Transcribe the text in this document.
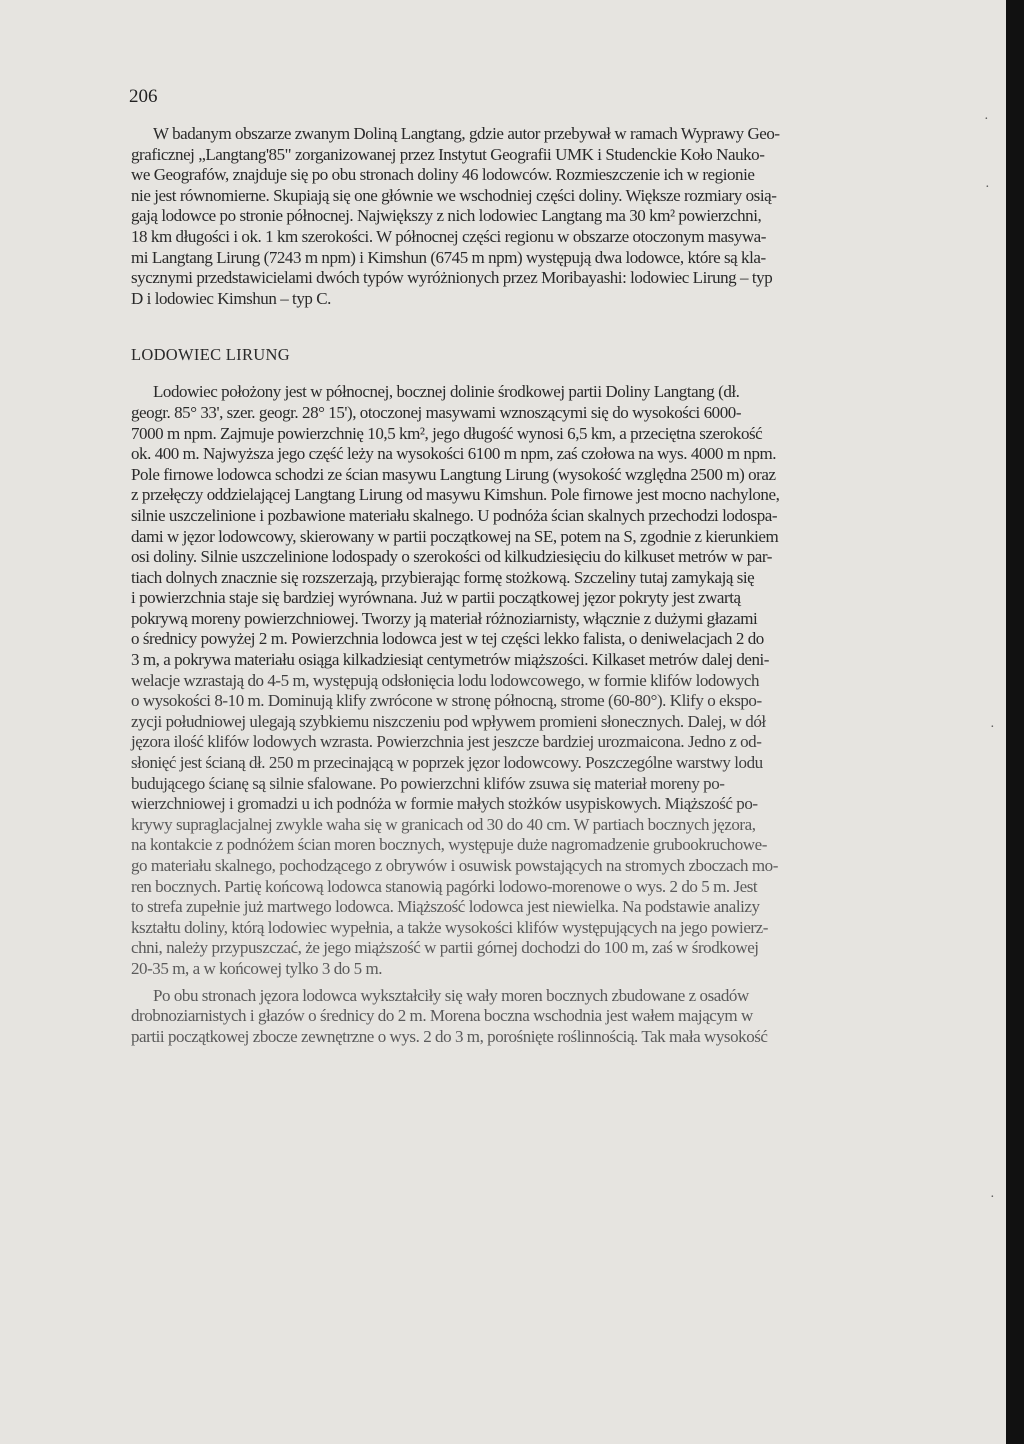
206

W badanym obszarze zwanym Doliną Langtang, gdzie autor przebywał w ramach Wyprawy Geo-
graficznej „Langtang'85" zorganizowanej przez Instytut Geografii UMK i Studenckie Koło Nauko-
we Geografów, znajduje się po obu stronach doliny 46 lodowców. Rozmieszczenie ich w regionie
nie jest równomierne. Skupiają się one głównie we wschodniej części doliny. Większe rozmiary osią-
gają lodowce po stronie północnej. Największy z nich lodowiec Langtang ma 30 km² powierzchni,
18 km długości i ok. 1 km szerokości. W północnej części regionu w obszarze otoczonym masywa-
mi Langtang Lirung (7243 m npm) i Kimshun (6745 m npm) występują dwa lodowce, które są kla-
sycznymi przedstawicielami dwóch typów wyróżnionych przez Moribayashi: lodowiec Lirung – typ
D i lodowiec Kimshun – typ C.

LODOWIEC LIRUNG

Lodowiec położony jest w północnej, bocznej dolinie środkowej partii Doliny Langtang (dł.
geogr. 85° 33', szer. geogr. 28° 15'), otoczonej masywami wznoszącymi się do wysokości 6000-
7000 m npm. Zajmuje powierzchnię 10,5 km², jego długość wynosi 6,5 km, a przeciętna szerokość
ok. 400 m. Najwyższa jego część leży na wysokości 6100 m npm, zaś czołowa na wys. 4000 m npm.
Pole firnowe lodowca schodzi ze ścian masywu Langtung Lirung (wysokość względna 2500 m) oraz
z przełęczy oddzielającej Langtang Lirung od masywu Kimshun. Pole firnowe jest mocno nachylone,
silnie uszczelinione i pozbawione materiału skalnego. U podnóża ścian skalnych przechodzi lodospa-
dami w jęzor lodowcowy, skierowany w partii początkowej na SE, potem na S, zgodnie z kierunkiem
osi doliny. Silnie uszczelinione lodospady o szerokości od kilkudziesięciu do kilkuset metrów w par-
tiach dolnych znacznie się rozszerzają, przybierając formę stożkową. Szczeliny tutaj zamykają się
i powierzchnia staje się bardziej wyrównana. Już w partii początkowej jęzor pokryty jest zwartą
pokrywą moreny powierzchniowej. Tworzy ją materiał różnoziarnisty, włącznie z dużymi głazami
o średnicy powyżej 2 m. Powierzchnia lodowca jest w tej części lekko falista, o deniwelacjach 2 do
3 m, a pokrywa materiału osiąga kilkadziesiąt centymetrów miąższości. Kilkaset metrów dalej deni-
welacje wzrastają do 4-5 m, występują odsłonięcia lodu lodowcowego, w formie klifów lodowych
o wysokości 8-10 m. Dominują klify zwrócone w stronę północną, strome (60-80°). Klify o ekspo-
zycji południowej ulegają szybkiemu niszczeniu pod wpływem promieni słonecznych. Dalej, w dół
jęzora ilość klifów lodowych wzrasta. Powierzchnia jest jeszcze bardziej urozmaicona. Jedno z od-
słonięć jest ścianą dł. 250 m przecinającą w poprzek jęzor lodowcowy. Poszczególne warstwy lodu
budującego ścianę są silnie sfalowane. Po powierzchni klifów zsuwa się materiał moreny po-
wierzchniowej i gromadzi u ich podnóża w formie małych stożków usypiskowych. Miąższość po-
krywy supraglacjalnej zwykle waha się w granicach od 30 do 40 cm. W partiach bocznych jęzora,
na kontakcie z podnóżem ścian moren bocznych, występuje duże nagromadzenie grubookruchowe-
go materiału skalnego, pochodzącego z obrywów i osuwisk powstających na stromych zboczach mo-
ren bocznych. Partię końcową lodowca stanowią pagórki lodowo-morenowe o wys. 2 do 5 m. Jest
to strefa zupełnie już martwego lodowca. Miąższość lodowca jest niewielka. Na podstawie analizy
kształtu doliny, którą lodowiec wypełnia, a także wysokości klifów występujących na jego powierz-
chni, należy przypuszczać, że jego miąższość w partii górnej dochodzi do 100 m, zaś w środkowej
20-35 m, a w końcowej tylko 3 do 5 m.

Po obu stronach jęzora lodowca wykształciły się wały moren bocznych zbudowane z osadów
drobnoziarnistych i głazów o średnicy do 2 m. Morena boczna wschodnia jest wałem mającym w
partii początkowej zbocze zewnętrzne o wys. 2 do 3 m, porośnięte roślinnością. Tak mała wysokość

·
·
·
·
